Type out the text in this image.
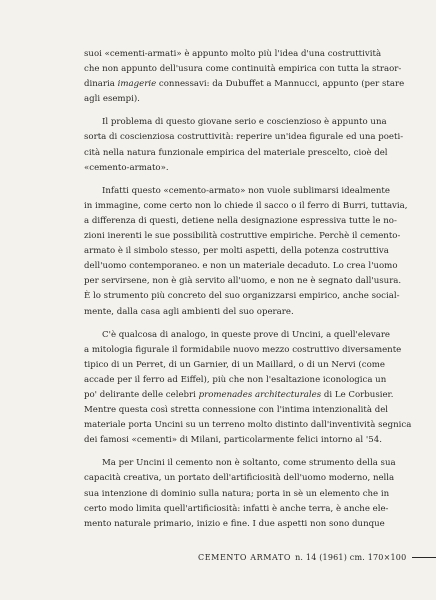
suoi «cementi-armati» è appunto molto più l'idea d'una costruttività
che non appunto dell'usura come continuità empirica con tutta la straor-
dinaria imagerie connessavi: da Dubuffet a Mannucci, appunto (per stare
agli esempi).

Il problema di questo giovane serio e coscienzioso è appunto una
sorta di coscienziosa costruttività: reperire un'idea figurale ed una poeti-
cità nella natura funzionale empirica del materiale prescelto, cioè del
«cemento-armato».

Infatti questo «cemento-armato» non vuole sublimarsi idealmente
in immagine, come certo non lo chiede il sacco o il ferro di Burri, tuttavia,
a differenza di questi, detiene nella designazione espressiva tutte le no-
zioni inerenti le sue possibilità costruttive empiriche. Perchè il cemento-
armato è il simbolo stesso, per molti aspetti, della potenza costruttiva
dell'uomo contemporaneo. e non un materiale decaduto. Lo crea l'uomo
per servirsene, non è già servito all'uomo, e non ne è segnato dall'usura.
È lo strumento più concreto del suo organizzarsi empirico, anche social-
mente, dalla casa agli ambienti del suo operare.

C'è qualcosa di analogo, in queste prove di Uncini, a quell'elevare
a mitologia figurale il formidabile nuovo mezzo costruttivo diversamente
tipico di un Perret, di un Garnier, di un Maillard, o di un Nervi (come
accade per il ferro ad Eiffel), più che non l'esaltazione iconologica un
po' delirante delle celebri promenades architecturales di Le Corbusier.
Mentre questa così stretta connessione con l'intima intenzionalità del
materiale porta Uncini su un terreno molto distinto dall'inventività segnica
dei famosi «cementi» di Milani, particolarmente felici intorno al '54.

Ma per Uncini il cemento non è soltanto, come strumento della sua
capacità creativa, un portato dell'artificiosità dell'uomo moderno, nella
sua intenzione di dominio sulla natura; porta in sè un elemento che in
certo modo limita quell'artificiosità: infatti è anche terra, è anche ele-
mento naturale primario, inizio e fine. I due aspetti non sono dunque

CEMENTO ARMATO n. 14 (1961) cm. 170×100
